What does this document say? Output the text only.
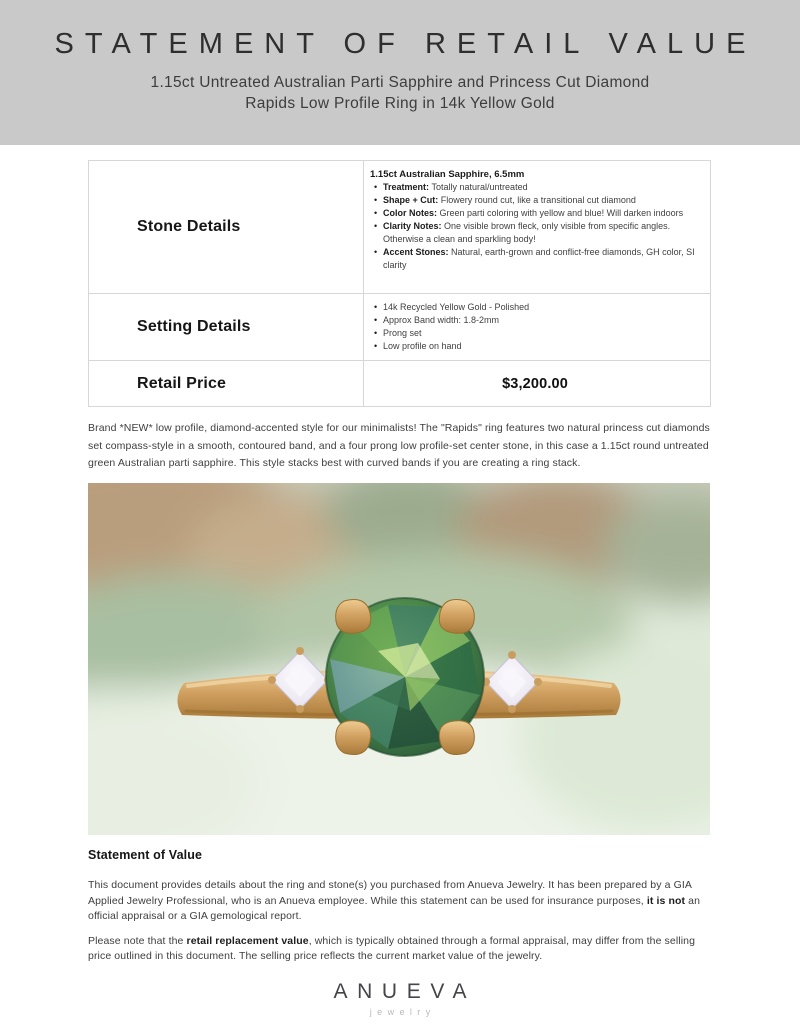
STATEMENT OF RETAIL VALUE
1.15ct Untreated Australian Parti Sapphire and Princess Cut Diamond
Rapids Low Profile Ring in 14k Yellow Gold
Stone Details	
1.15ct Australian Sapphire, 6.5mm
• Treatment: Totally natural/untreated
• Shape + Cut: Flowery round cut, like a transitional cut diamond
• Color Notes: Green parti coloring with yellow and blue! Will darken indoors
• Clarity Notes: One visible brown fleck, only visible from specific angles. Otherwise a clean and sparkling body!
• Accent Stones: Natural, earth-grown and conflict-free diamonds, GH color, SI clarity

Setting Details	
• 14k Recycled Yellow Gold - Polished
• Approx Band width: 1.8-2mm
• Prong set
• Low profile on hand

Retail Price	$3,200.00

Brand *NEW* low profile, diamond-accented style for our minimalists! The "Rapids" ring features two natural princess cut diamonds set compass-style in a smooth, contoured band, and a four prong low profile-set center stone, in this case a 1.15ct round untreated green Australian parti sapphire. This style stacks best with curved bands if you are creating a ring stack.

Statement of Value

This document provides details about the ring and stone(s) you purchased from Anueva Jewelry. It has been prepared by a GIA Applied Jewelry Professional, who is an Anueva employee. While this statement can be used for insurance purposes, it is not an official appraisal or a GIA gemological report.

Please note that the retail replacement value, which is typically obtained through a formal appraisal, may differ from the selling price outlined in this document. The selling price reflects the current market value of the jewelry.

ANUEVA
jewelry
